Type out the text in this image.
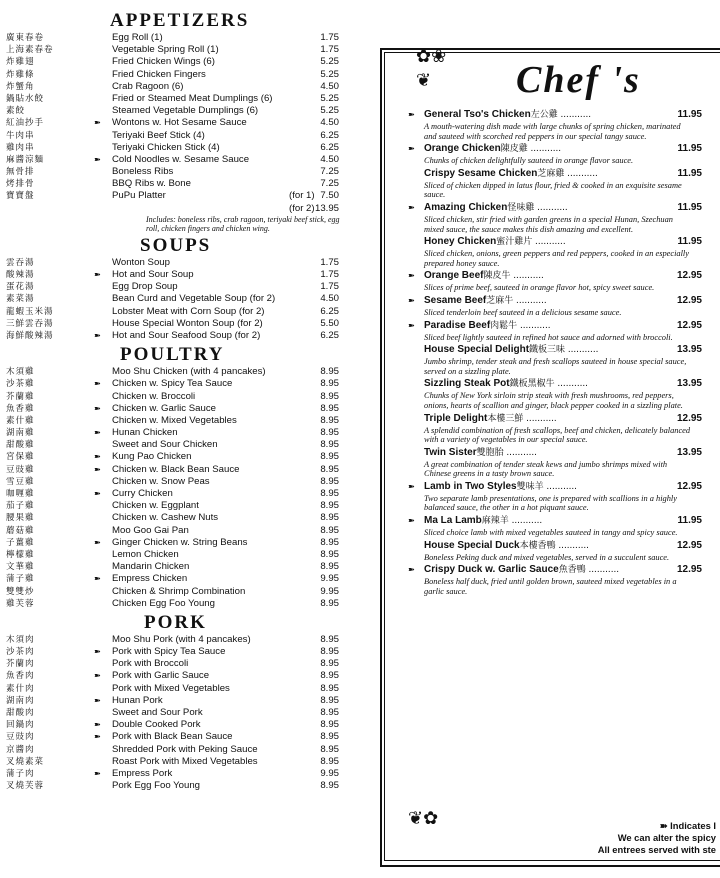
APPETIZERS
廣東春卷	Egg Roll (1)	1.75
上海素春卷	Vegetable Spring Roll (1)	1.75
炸雞翅	Fried Chicken Wings (6)	5.25
炸雞條	Fried Chicken Fingers	5.25
炸蟹角	Crab Ragoon (6)	4.50
鍋貼水餃	Fried or Steamed Meat Dumplings (6)	5.25
素餃	Steamed Vegetable Dumplings (6)	5.25
紅油抄手	➽	Wontons w. Hot Sesame Sauce	4.50
牛肉串	Teriyaki Beef Stick (4)	6.25
雞肉串	Teriyaki Chicken Stick (4)	6.25
麻醬涼麵	➽	Cold Noodles w. Sesame Sauce	4.50
無骨排	Boneless Ribs	7.25
烤排骨	BBQ Ribs w. Bone	7.25
寶寶盤	PuPu Platter	(for 1) 7.50
(for 2) 13.95
Includes: boneless ribs, crab ragoon, teriyaki beef stick, egg roll, chicken fingers and chicken wing.
SOUPS
雲吞湯	Wonton Soup	1.75
酸辣湯	➽	Hot and Sour Soup	1.75
蛋花湯	Egg Drop Soup	1.75
素菜湯	Bean Curd and Vegetable Soup (for 2)	4.50
龍蝦玉米湯	Lobster Meat with Corn Soup (for 2)	6.25
三鮮雲吞湯	House Special Wonton Soup (for 2)	5.50
海鮮酸辣湯	➽	Hot and Sour Seafood Soup (for 2)	6.25
POULTRY
木須雞	Moo Shu Chicken (with 4 pancakes)	8.95
沙茶雞	➽	Chicken w. Spicy Tea Sauce	8.95
芥蘭雞	Chicken w. Broccoli	8.95
魚香雞	➽	Chicken w. Garlic Sauce	8.95
素什雞	Chicken w. Mixed Vegetables	8.95
湖南雞	➽	Hunan Chicken	8.95
甜酸雞	Sweet and Sour Chicken	8.95
宮保雞	➽	Kung Pao Chicken	8.95
豆豉雞	➽	Chicken w. Black Bean Sauce	8.95
雪豆雞	Chicken w. Snow Peas	8.95
咖喱雞	➽	Curry Chicken	8.95
茄子雞	Chicken w. Eggplant	8.95
腰果雞	Chicken w. Cashew Nuts	8.95
蘑菇雞	Moo Goo Gai Pan	8.95
子薑雞	➽	Ginger Chicken w. String Beans	8.95
檸檬雞	Lemon Chicken	8.95
文華雞	Mandarin Chicken	8.95
蒲子雞	➽	Empress Chicken	9.95
雙雙炒	Chicken & Shrimp Combination	9.95
雞芙蓉	Chicken Egg Foo Young	8.95
PORK
木須肉	Moo Shu Pork (with 4 pancakes)	8.95
沙茶肉	➽	Pork with Spicy Tea Sauce	8.95
芥蘭肉	Pork with Broccoli	8.95
魚香肉	➽	Pork with Garlic Sauce	8.95
素什肉	Pork with Mixed Vegetables	8.95
湖南肉	➽	Hunan Pork	8.95
甜酸肉	Sweet and Sour Pork	8.95
回鍋肉	➽	Double Cooked Pork	8.95
豆豉肉	➽	Pork with Black Bean Sauce	8.95
京醬肉	Shredded Pork with Peking Sauce	8.95
叉燒素菜	Roast Pork with Mixed Vegetables	8.95
蒲子肉	➽	Empress Pork	9.95
叉燒芙蓉	Pork Egg Foo Young	8.95
✿❀
❦ Chef 's
➽ General Tso's Chicken左公雞 ...........	11.95
A mouth-watering dish made with large chunks of spring chicken, marinated and sauteed with scorched red peppers in our special tangy sauce.
➽ Orange Chicken陳皮雞 ...........	11.95
Chunks of chicken delightfully sauteed in orange flavor sauce.
Crispy Sesame Chicken芝麻雞 ...........	11.95
Sliced of chicken dipped in latus flour, fried & cooked in an exquisite sesame sauce.
➽ Amazing Chicken怪味雞 ...........	11.95
Sliced chicken, stir fried with garden greens in a special Hunan, Szechuan mixed sauce, the sauce makes this dish amazing and excellent.
Honey Chicken蜜汁雞片 ...........	11.95
Sliced chicken, onions, green peppers and red peppers, cooked in an especially prepared honey sauce.
➽ Orange Beef陳皮牛 ...........	12.95
Slices of prime beef, sauteed in orange flavor hot, spicy sweet sauce.
➽ Sesame Beef芝麻牛 ...........	12.95
Sliced tenderloin beef sauteed in a delicious sesame sauce.
➽ Paradise Beef肉鬆牛 ...........	12.95
Sliced beef lightly sauteed in refined hot sauce and adorned with broccoli.
House Special Delight鐵板三味 ...........	13.95
Jumbo shrimp, tender steak and fresh scallops sauteed in house special sauce, served on a sizzling plate.
Sizzling Steak Pot鐵板黑椒牛 ...........	13.95
Chunks of New York sirloin strip steak with fresh mushrooms, red peppers, onions, hearts of scallion and ginger, black pepper cooked in a sizzling plate.
Triple Delight本樓三鮮 ...........	12.95
A splendid combination of fresh scallops, beef and chicken, delicately balanced with a variety of vegetables in our special sauce.
Twin Sister雙胞胎 ...........	13.95
A great combination of tender steak kews and jumbo shrimps mixed with Chinese greens in a tasty brown sauce.
➽ Lamb in Two Styles雙味羊 ...........	12.95
Two separate lamb presentations, one is prepared with scallions in a highly balanced sauce, the other in a hot piquant sauce.
➽ Ma La Lamb麻辣羊 ...........	11.95
Sliced choice lamb with mixed vegetables sauteed in tangy and spicy sauce.
House Special Duck本樓香鴨 ...........	12.95
Boneless Peking duck and mixed vegetables, served in a succulent sauce.
➽ Crispy Duck w. Garlic Sauce魚香鴨 ...........	12.95
Boneless half duck, fried until golden brown, sauteed mixed vegetables in a garlic sauce.
❦✿	➽ Indicates I
We can alter the spicy
All entrees served with ste
